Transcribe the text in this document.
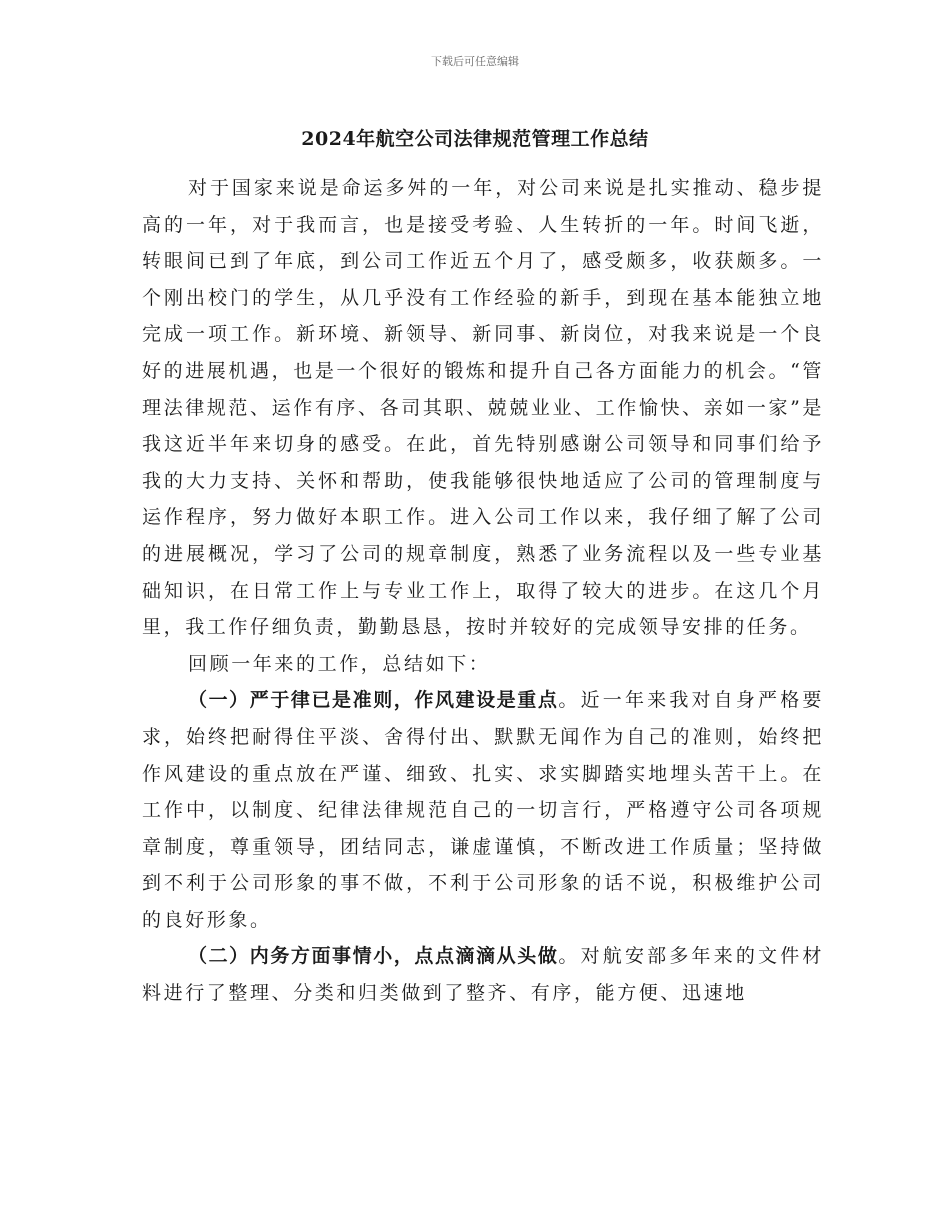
下载后可任意编辑
2024年航空公司法律规范管理工作总结

对于国家来说是命运多舛的一年，对公司来说是扎实推动、稳步提高的一年，对于我而言，也是接受考验、人生转折的一年。时间飞逝，转眼间已到了年底，到公司工作近五个月了，感受颇多，收获颇多。一个刚出校门的学生，从几乎没有工作经验的新手，到现在基本能独立地完成一项工作。新环境、新领导、新同事、新岗位，对我来说是一个良好的进展机遇，也是一个很好的锻炼和提升自己各方面能力的机会。“管理法律规范、运作有序、各司其职、兢兢业业、工作愉快、亲如一家”是我这近半年来切身的感受。在此，首先特别感谢公司领导和同事们给予我的大力支持、关怀和帮助，使我能够很快地适应了公司的管理制度与运作程序，努力做好本职工作。进入公司工作以来，我仔细了解了公司的进展概况，学习了公司的规章制度，熟悉了业务流程以及一些专业基础知识，在日常工作上与专业工作上，取得了较大的进步。在这几个月里，我工作仔细负责，勤勤恳恳，按时并较好的完成领导安排的任务。

回顾一年来的工作，总结如下：

（一）严于律已是准则，作风建设是重点。近一年来我对自身严格要求，始终把耐得住平淡、舍得付出、默默无闻作为自己的准则，始终把作风建设的重点放在严谨、细致、扎实、求实脚踏实地埋头苦干上。在工作中，以制度、纪律法律规范自己的一切言行，严格遵守公司各项规章制度，尊重领导，团结同志，谦虚谨慎，不断改进工作质量；坚持做到不利于公司形象的事不做，不利于公司形象的话不说，积极维护公司的良好形象。

（二）内务方面事情小，点点滴滴从头做。对航安部多年来的文件材料进行了整理、分类和归类做到了整齐、有序，能方便、迅速地
